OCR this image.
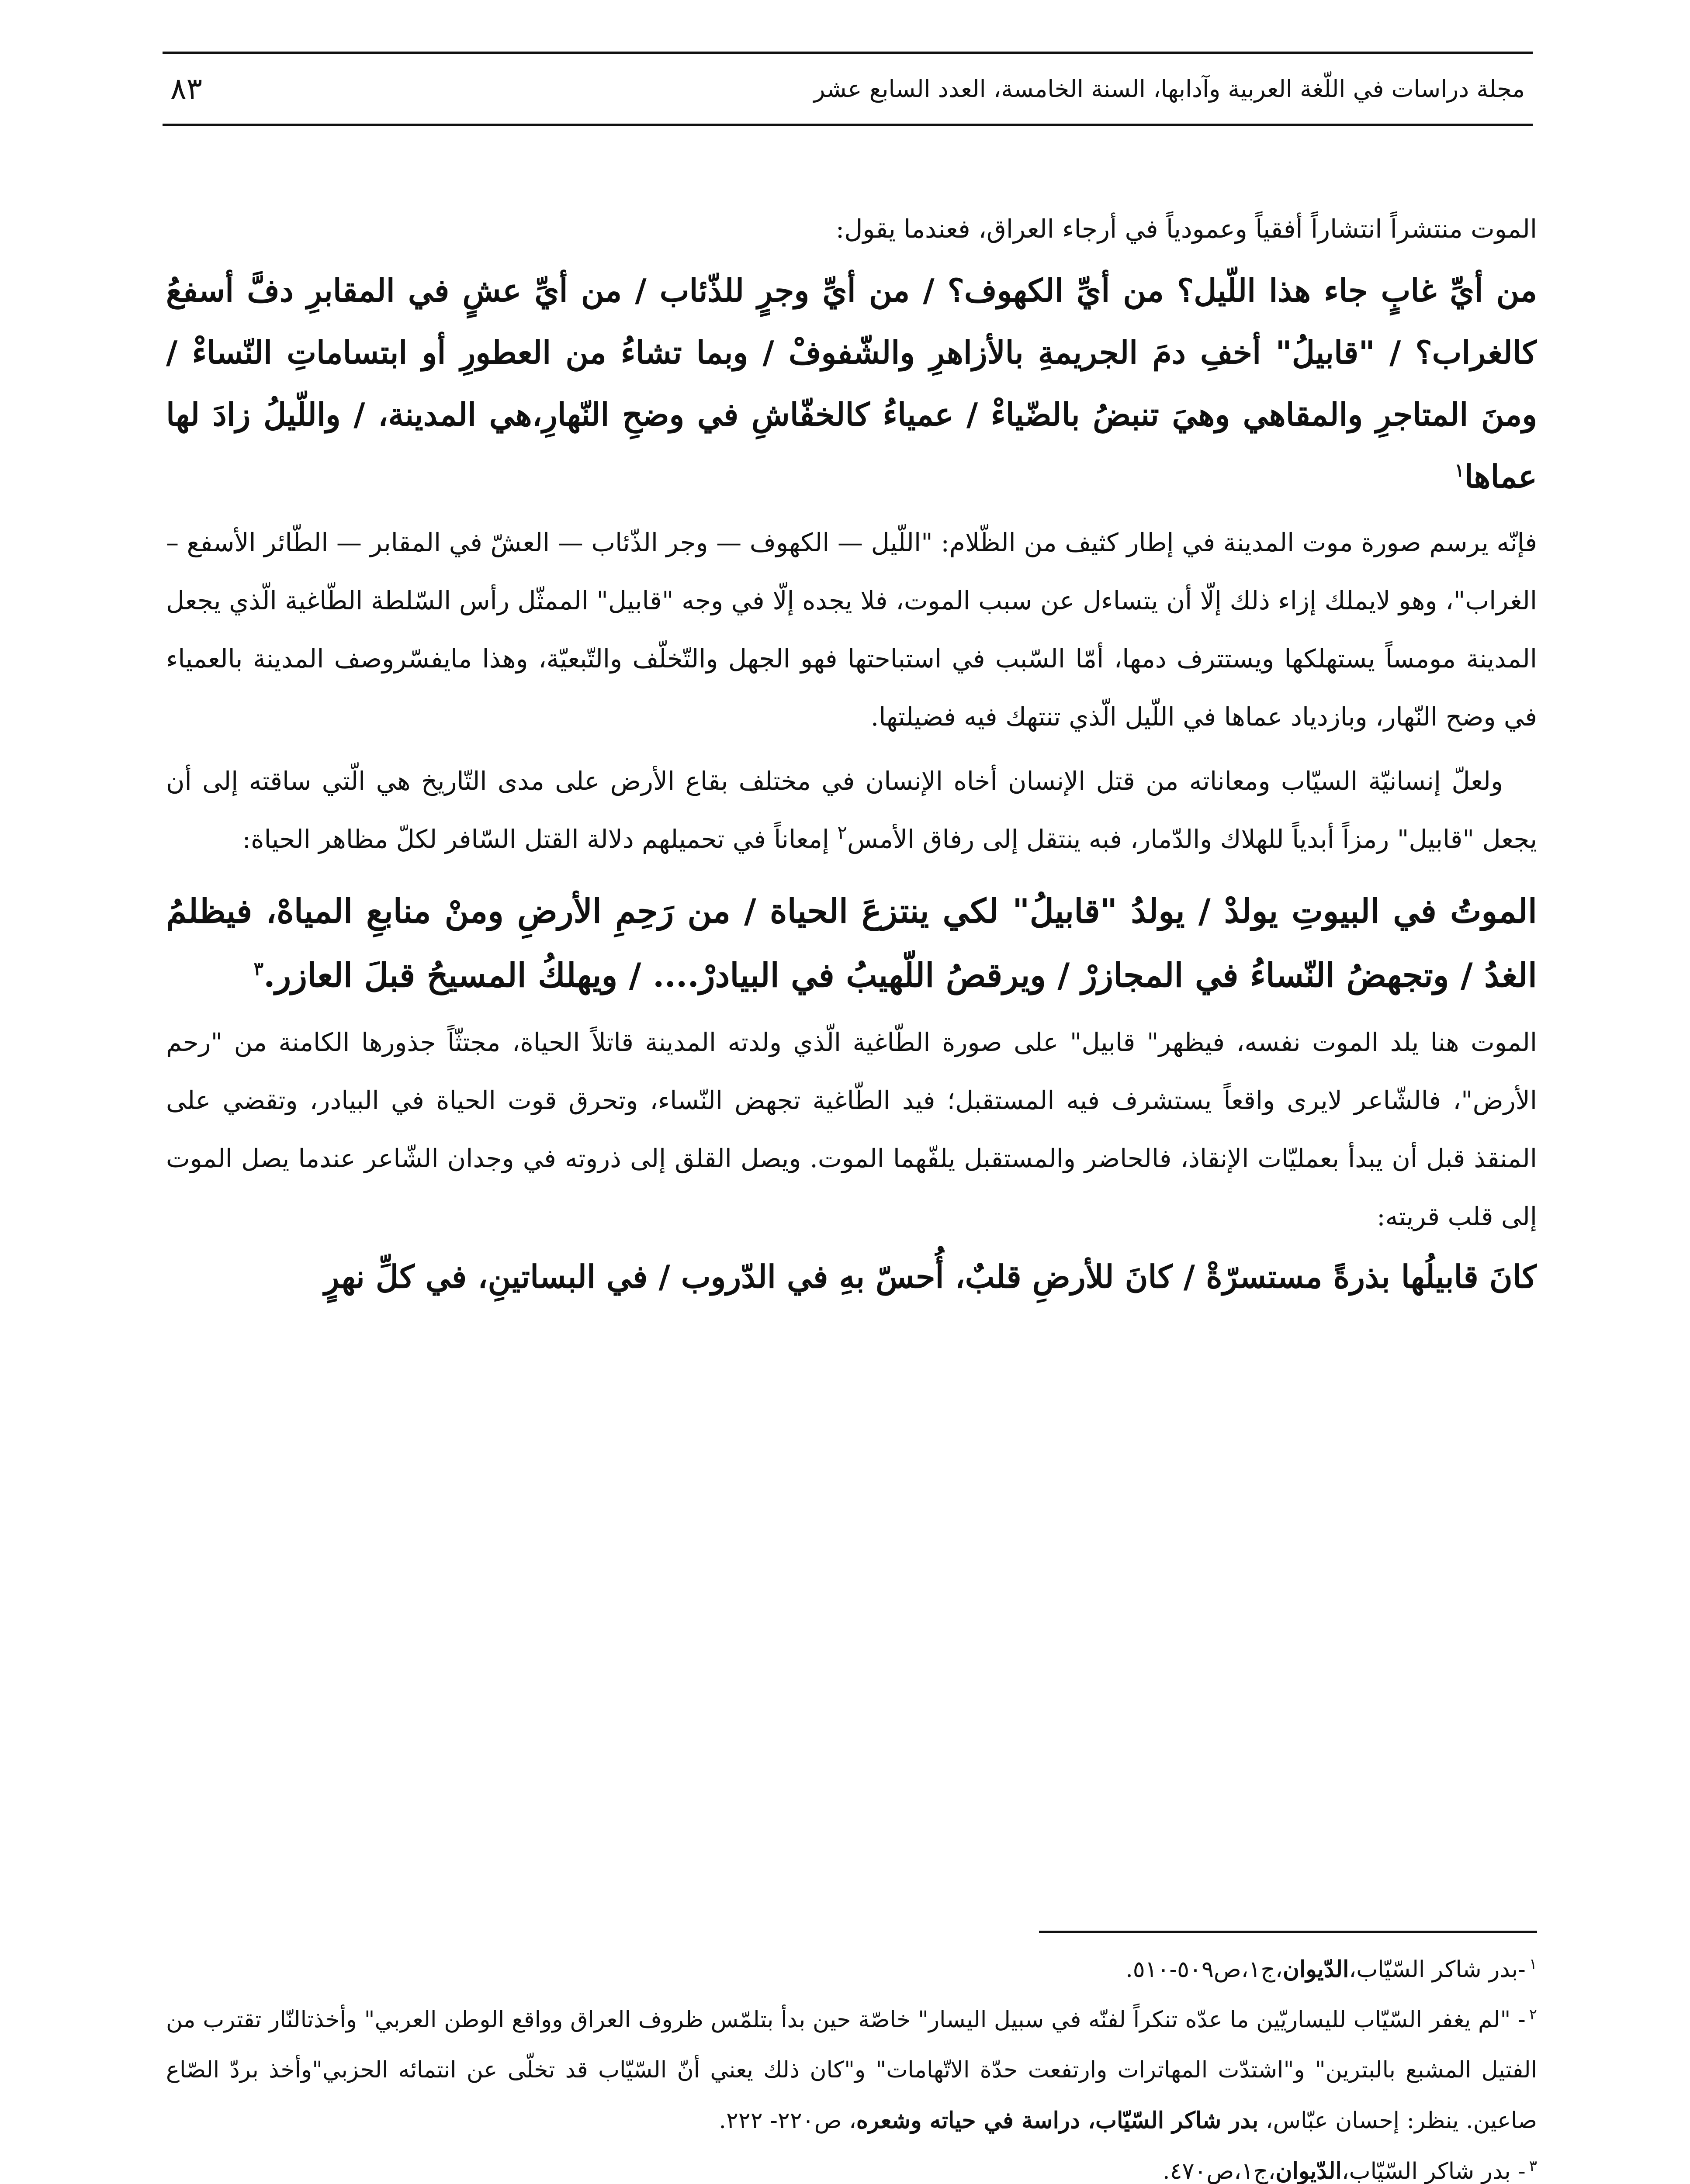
مجلة دراسات في اللّغة العربية وآدابها، السنة الخامسة، العدد السابع عشر
٨٣

الموت منتشراً انتشاراً أفقياً وعمودياً في أرجاء العراق، فعندما يقول:

من أيِّ غابٍ جاء هذا اللّيل؟ من أيِّ الكهوف؟ / من أيِّ وجرٍ للذّئاب / من أيِّ عشٍ في المقابرِ دفَّ أسفعُ كالغراب؟ / "قابيلُ" أخفِ دمَ الجريمةِ بالأزاهرِ والشّفوفْ / وبما تشاءُ من العطورِ أو ابتساماتِ النّساءْ / ومنَ المتاجرِ والمقاهي وهيَ تنبضُ بالضّياءْ / عمياءُ كالخفّاشِ في وضحِ النّهارِ،هي المدينة، / واللّيلُ زادَ لها عماها$^١$

فإنّه يرسم صورة موت المدينة في إطار كثيف من الظّلام: "اللّيل — الكهوف — وجر الذّئاب — العشّ في المقابر — الطّائر الأسفع – الغراب"، وهو لايملك إزاء ذلك إلّا أن يتساءل عن سبب الموت، فلا يجده إلّا في وجه "قابيل" الممثّل رأس السّلطة الطّاغية الّذي يجعل المدينة مومساً يستهلكها ويستترف دمها، أمّا السّبب في استباحتها فهو الجهل والتّخلّف والتّبعيّة، وهذا مايفسّروصف المدينة بالعمياء في وضح النّهار، وبازدياد عماها في اللّيل الّذي تنتهك فيه فضيلتها.

ولعلّ إنسانيّة السيّاب ومعاناته من قتل الإنسان أخاه الإنسان في مختلف بقاع الأرض على مدى التّاريخ هي الّتي ساقته إلى أن يجعل "قابيل" رمزاً أبدياً للهلاك والدّمار، فبه ينتقل إلى رفاق الأمس$^٢$ إمعاناً في تحميلهم دلالة القتل السّافر لكلّ مظاهر الحياة:

الموتُ في البيوتِ يولدْ / يولدُ "قابيلُ" لكي ينتزعَ الحياة / من رَحِمِ الأرضِ ومنْ منابعِ المياهْ، فيظلمُ الغدُ / وتجهضُ النّساءُ في المجازرْ / ويرقصُ اللّهيبُ في البيادرْ.... / ويهلكُ المسيحُ قبلَ العازر.$^٣$

الموت هنا يلد الموت نفسه، فيظهر" قابيل" على صورة الطّاغية الّذي ولدته المدينة قاتلاً الحياة، مجتثّاً جذورها الكامنة من "رحم الأرض"، فالشّاعر لايرى واقعاً يستشرف فيه المستقبل؛ فيد الطّاغية تجهض النّساء، وتحرق قوت الحياة في البيادر، وتقضي على المنقذ قبل أن يبدأ بعمليّات الإنقاذ، فالحاضر والمستقبل يلفّهما الموت. ويصل القلق إلى ذروته في وجدان الشّاعر عندما يصل الموت إلى قلب قريته:

كانَ قابيلُها بذرةً مستسرّةْ / كانَ للأرضِ قلبٌ، أُحسّ بهِ في الدّروب / في البساتينِ، في كلِّ نهرٍ

$^١$-بدر شاكر السّيّاب،الدّيوان،ج١،ص٥٠٩-٥١٠.

$^٢$- "لم يغفر السّيّاب لليساريّين ما عدّه تنكراً لفنّه في سبيل اليسار" خاصّة حين بدأ بتلمّس ظروف العراق وواقع الوطن العربي" وأخذتالنّار تقترب من الفتيل المشبع بالبترين" و"اشتدّت المهاترات وارتفعت حدّة الاتّهامات" و"كان ذلك يعني أنّ السّيّاب قد تخلّى عن انتمائه الحزبي"وأخذ بردّ الصّاع صاعين. ينظر: إحسان عبّاس، بدر شاكر السّيّاب، دراسة في حياته وشعره، ص٢٢٠- ٢٢٢.

$^٣$- بدر شاكر السّيّاب،الدّيوان،ج١،ص٤٧٠.
